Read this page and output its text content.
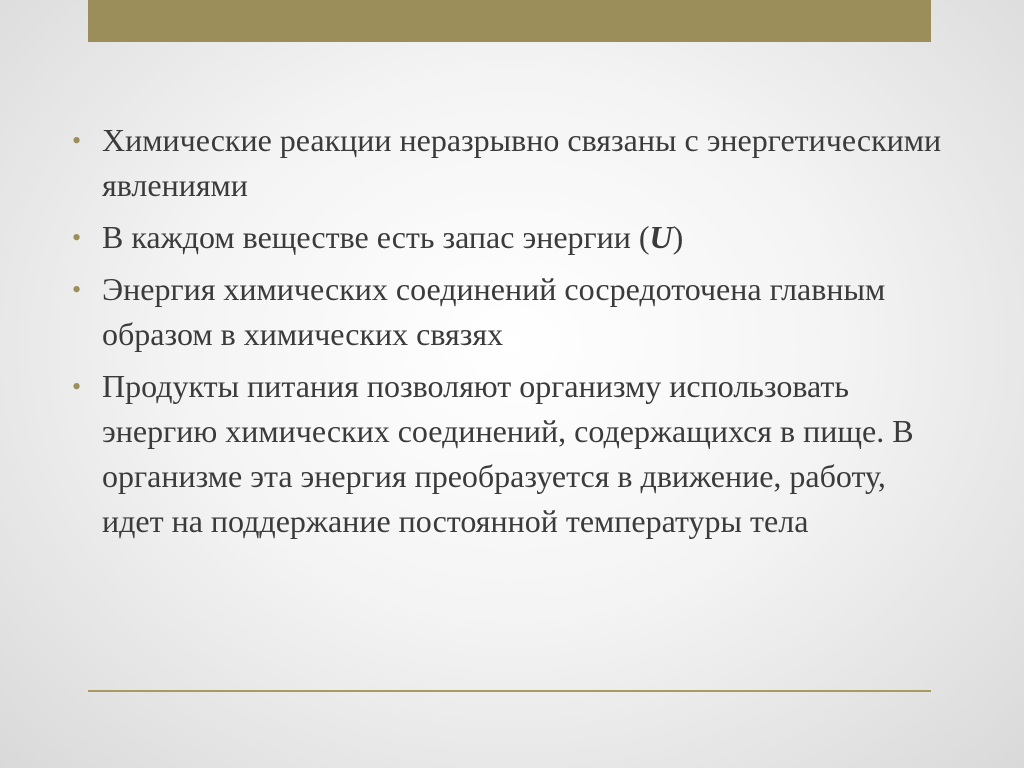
• Химические реакции неразрывно связаны с энергетическими явлениями
• В каждом веществе есть запас энергии (U)
• Энергия химических соединений сосредоточена главным образом в химических связях
• Продукты питания позволяют организму использовать энергию химических соединений, содержащихся в пище. В организме эта энергия преобразуется в движение, работу, идет на поддержание постоянной температуры тела
